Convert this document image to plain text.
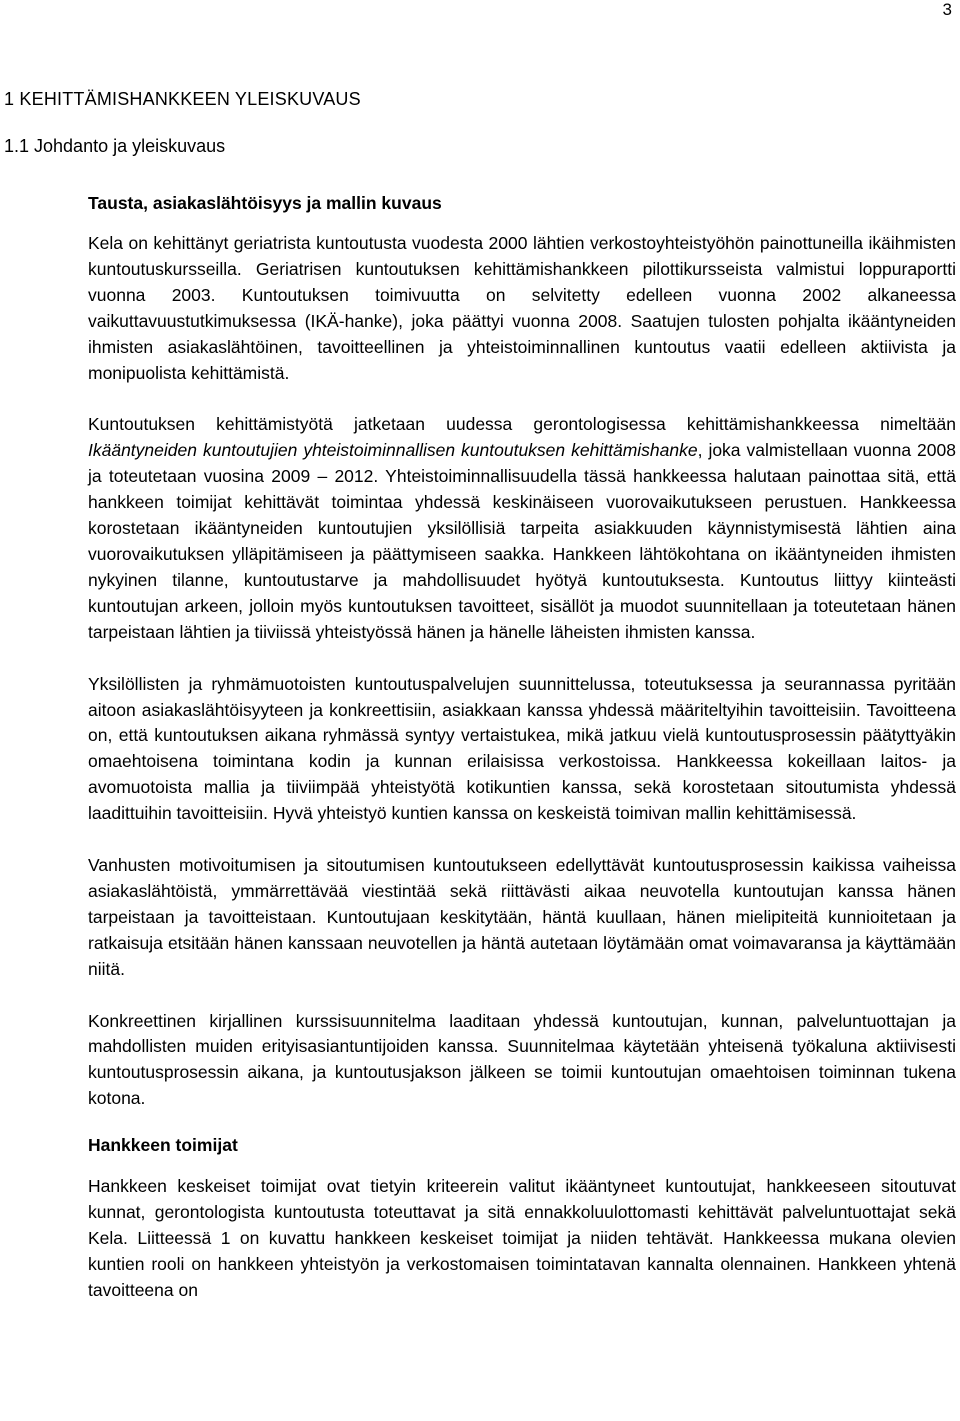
3
1 KEHITTÄMISHANKKEEN YLEISKUVAUS
1.1 Johdanto ja yleiskuvaus
Tausta, asiakaslähtöisyys ja mallin kuvaus

Kela on kehittänyt geriatrista kuntoutusta vuodesta 2000 lähtien verkostoyhteistyöhön painottuneilla ikäihmisten kuntoutuskursseilla. Geriatrisen kuntoutuksen kehittämishankkeen pilottikursseista valmistui loppuraportti vuonna 2003. Kuntoutuksen toimivuutta on selvitetty edelleen vuonna 2002 alkaneessa vaikuttavuustutkimuksessa (IKÄ-hanke), joka päättyi vuonna 2008. Saatujen tulosten pohjalta ikääntyneiden ihmisten asiakaslähtöinen, tavoitteellinen ja yhteistoiminnallinen kuntoutus vaatii edelleen aktiivista ja monipuolista kehittämistä.

Kuntoutuksen kehittämistyötä jatketaan uudessa gerontologisessa kehittämishankkeessa nimeltään Ikääntyneiden kuntoutujien yhteistoiminnallisen kuntoutuksen kehittämishanke, joka valmistellaan vuonna 2008 ja toteutetaan vuosina 2009 – 2012. Yhteistoiminnallisuudella tässä hankkeessa halutaan painottaa sitä, että hankkeen toimijat kehittävät toimintaa yhdessä keskinäiseen vuorovaikutukseen perustuen. Hankkeessa korostetaan ikääntyneiden kuntoutujien yksilöllisiä tarpeita asiakkuuden käynnistymisestä lähtien aina vuorovaikutuksen ylläpitämiseen ja päättymiseen saakka. Hankkeen lähtökohtana on ikääntyneiden ihmisten nykyinen tilanne, kuntoutustarve ja mahdollisuudet hyötyä kuntoutuksesta. Kuntoutus liittyy kiinteästi kuntoutujan arkeen, jolloin myös kuntoutuksen tavoitteet, sisällöt ja muodot suunnitellaan ja toteutetaan hänen tarpeistaan lähtien ja tiiviissä yhteistyössä hänen ja hänelle läheisten ihmisten kanssa.

Yksilöllisten ja ryhmämuotoisten kuntoutuspalvelujen suunnittelussa, toteutuksessa ja seurannassa pyritään aitoon asiakaslähtöisyyteen ja konkreettisiin, asiakkaan kanssa yhdessä määriteltyihin tavoitteisiin. Tavoitteena on, että kuntoutuksen aikana ryhmässä syntyy vertaistukea, mikä jatkuu vielä kuntoutusprosessin päätyttyäkin omaehtoisena toimintana kodin ja kunnan erilaisissa verkostoissa. Hankkeessa kokeillaan laitos- ja avomuotoista mallia ja tiiviimpää yhteistyötä kotikuntien kanssa, sekä korostetaan sitoutumista yhdessä laadittuihin tavoitteisiin. Hyvä yhteistyö kuntien kanssa on keskeistä toimivan mallin kehittämisessä.

Vanhusten motivoitumisen ja sitoutumisen kuntoutukseen edellyttävät kuntoutusprosessin kaikissa vaiheissa asiakaslähtöistä, ymmärrettävää viestintää sekä riittävästi aikaa neuvotella kuntoutujan kanssa hänen tarpeistaan ja tavoitteistaan. Kuntoutujaan keskitytään, häntä kuullaan, hänen mielipiteitä kunnioitetaan ja ratkaisuja etsitään hänen kanssaan neuvotellen ja häntä autetaan löytämään omat voimavaransa ja käyttämään niitä.

Konkreettinen kirjallinen kurssisuunnitelma laaditaan yhdessä kuntoutujan, kunnan, palveluntuottajan ja mahdollisten muiden erityisasiantuntijoiden kanssa. Suunnitelmaa käytetään yhteisenä työkaluna aktiivisesti kuntoutusprosessin aikana, ja kuntoutusjakson jälkeen se toimii kuntoutujan omaehtoisen toiminnan tukena kotona.

Hankkeen toimijat

Hankkeen keskeiset toimijat ovat tietyin kriteerein valitut ikääntyneet kuntoutujat, hankkeeseen sitoutuvat kunnat, gerontologista kuntoutusta toteuttavat ja sitä ennakkoluulottomasti kehittävät palveluntuottajat sekä Kela. Liitteessä 1 on kuvattu hankkeen keskeiset toimijat ja niiden tehtävät. Hankkeessa mukana olevien kuntien rooli on hankkeen yhteistyön ja verkostomaisen toimintatavan kannalta olennainen. Hankkeen yhtenä tavoitteena on
